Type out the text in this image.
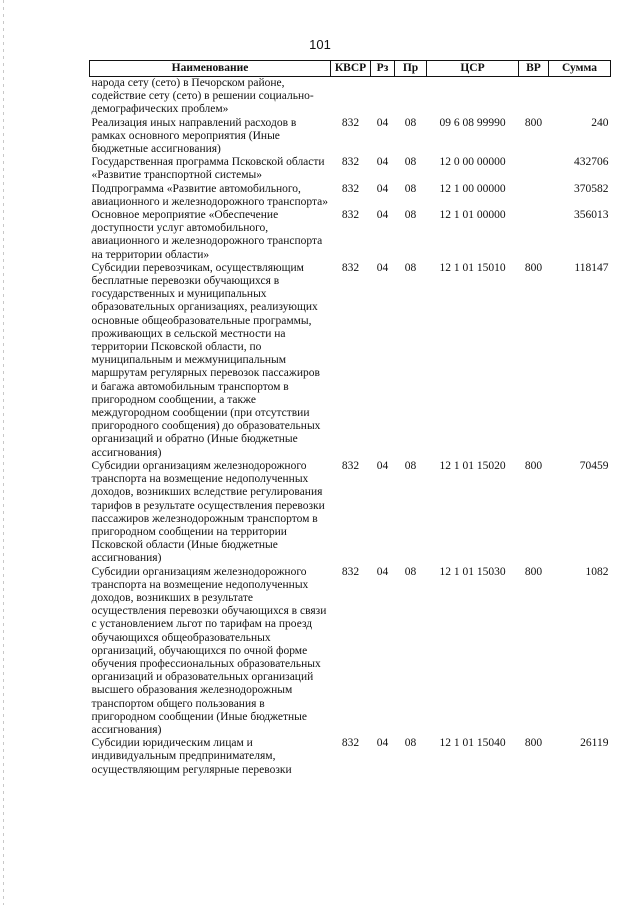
101
Наименование	КВСР	Рз	Пр	ЦСР	ВР	Сумма
народа сету (сето) в Печорском районе, содействие сету (сето) в решении социально-демографических проблем»						
Реализация иных направлений расходов в рамках основного мероприятия (Иные бюджетные ассигнования)	832	04	08	09 6 08 99990	800	240
Государственная программа Псковской области «Развитие транспортной системы»	832	04	08	12 0 00 00000		432706
Подпрограмма «Развитие автомобильного, авиационного и железнодорожного транспорта»	832	04	08	12 1 00 00000		370582
Основное мероприятие «Обеспечение доступности услуг автомобильного, авиационного и железнодорожного транспорта на территории области»	832	04	08	12 1 01 00000		356013
Субсидии перевозчикам, осуществляющим бесплатные перевозки обучающихся в государственных и муниципальных образовательных организациях, реализующих основные общеобразовательные программы, проживающих в сельской местности на территории Псковской области, по муниципальным и межмуниципальным маршрутам регулярных перевозок пассажиров и багажа автомобильным транспортом в пригородном сообщении, а также междугородном сообщении (при отсутствии пригородного сообщения) до образовательных организаций и обратно (Иные бюджетные ассигнования)	832	04	08	12 1 01 15010	800	118147
Субсидии организациям железнодорожного транспорта на возмещение недополученных доходов, возникших вследствие регулирования тарифов в результате осуществления перевозки пассажиров железнодорожным транспортом в пригородном сообщении на территории Псковской области (Иные бюджетные ассигнования)	832	04	08	12 1 01 15020	800	70459
Субсидии организациям железнодорожного транспорта на возмещение недополученных доходов, возникших в результате осуществления перевозки обучающихся в связи с установлением льгот по тарифам на проезд обучающихся общеобразовательных организаций, обучающихся по очной форме обучения профессиональных образовательных организаций и образовательных организаций высшего образования железнодорожным транспортом общего пользования в пригородном сообщении (Иные бюджетные ассигнования)	832	04	08	12 1 01 15030	800	1082
Субсидии юридическим лицам и индивидуальным предпринимателям, осуществляющим регулярные перевозки	832	04	08	12 1 01 15040	800	26119
